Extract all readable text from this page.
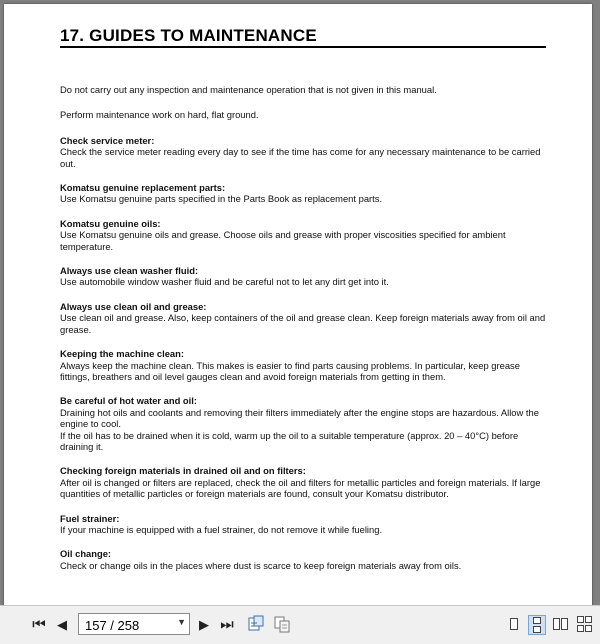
17. GUIDES TO MAINTENANCE

Do not carry out any inspection and maintenance operation that is not given in this manual.

Perform maintenance work on hard, flat ground.

Check service meter:
Check the service meter reading every day to see if the time has come for any necessary maintenance to be carried out.
Komatsu genuine replacement parts:
Use Komatsu genuine parts specified in the Parts Book as replacement parts.
Komatsu genuine oils:
Use Komatsu genuine oils and grease. Choose oils and grease with proper viscosities specified for ambient temperature.
Always use clean washer fluid:
Use automobile window washer fluid and be careful not to let any dirt get into it.
Always use clean oil and grease:
Use clean oil and grease. Also, keep containers of the oil and grease clean. Keep foreign materials away from oil and grease.
Keeping the machine clean:
Always keep the machine clean. This makes is easier to find parts causing problems. In particular, keep grease fittings, breathers and oil level gauges clean and avoid foreign materials from getting in them.
Be careful of hot water and oil:
Draining hot oils and coolants and removing their filters immediately after the engine stops are hazardous. Allow the engine to cool.
If the oil has to be drained when it is cold, warm up the oil to a suitable temperature (approx. 20 – 40°C) before draining it.
Checking foreign materials in drained oil and on filters:
After oil is changed or filters are replaced, check the oil and filters for metallic particles and foreign materials. If large quantities of metallic particles or foreign materials are found, consult your Komatsu distributor.
Fuel strainer:
If your machine is equipped with a fuel strainer, do not remove it while fueling.
Oil change:
Check or change oils in the places where dust is scarce to keep foreign materials away from oils.
⏮ ◀
157 / 258	▼ ▶ ⏭
